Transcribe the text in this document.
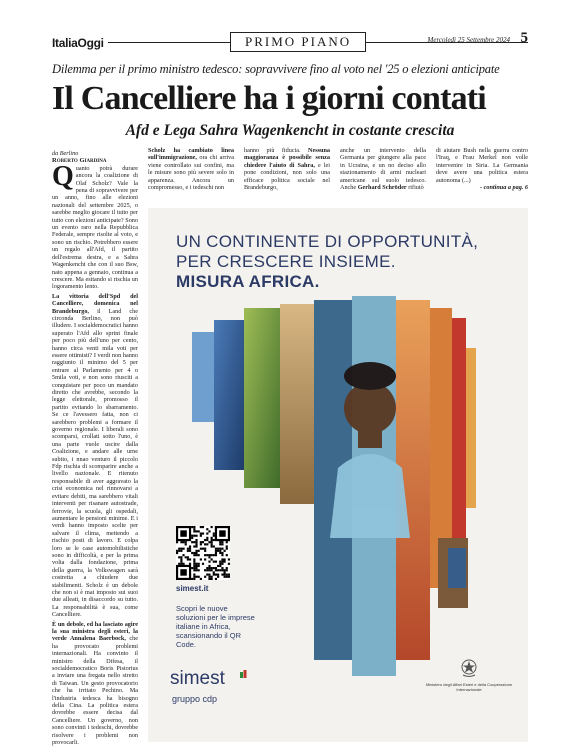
ItaliaOggi	PRIMO PIANO	Mercoledì 25 Settembre 2024 5
Dilemma per il primo ministro tedesco: sopravvivere fino al voto nel '25 o elezioni anticipate
Il Cancelliere ha i giorni contati
Afd e Lega Sahra Wagenkencht in costante crescita
da Berlino
Roberto Giardina
Q uanto potrà durare ancora la coalizione di Olaf Scholz? Vale la pena di sopravvivere per un anno, fino alle elezioni nazionali del settembre 2025, o sarebbe meglio giocare il tutto per tutto con elezioni anticipate? Sono un evento raro nella Repubblica Federale, sempre risolte al voto, e sono un rischio. Potrebbero essere un regalo all'Afd, il partito dell'estrema destra, e a Sahra Wagenkencht che con il suo Bsw, nato appena a gennaio, continua a crescere. Ma esitando si rischia un logoramento lento.

La vittoria dell'Spd del Cancelliere, domenica nel Brandeburgo, il Land che circonda Berlino, non può illudere. I socialdemocratici hanno superato l'Afd allo sprint finale per poco più dell'uno per cento, hanno circa venti mila voti per essere ottimisti? I verdi non hanno raggiunto il minimo del 5 per entrare al Parlamento per 4 o 5mila voti, e non sono riusciti a conquistare per poco un mandato diretto che avrebbe, secondo la legge elettorale, promosso il partito evitando lo sbarramento. Se ce l'avessero fatta, non ci sarebbero problemi a formare il governo regionale. I liberali sono scomparsi, crollati sotto l'uno, è una parte vuole uscire dalla Coalizione, e andare alle urne subito, i nnao venturo il piccolo Fdp rischia di scomparire anche a livello nazionale. E ritenuto responsabile di aver aggravato la crisi economica nel rinnovarsi a evitare debiti, ma sarebbero vitali interventi per risanare autostrade, ferrovie, la scuola, gli ospedali, aumentare le pensioni minime. E i verdi hanno imposto scelte per salvare il clima, mettendo a rischio posti di lavoro. E colpa loro se le case automobilistiche sono in difficoltà, e per la prima volta dalla fondazione, prima della guerra, la Volkswagen sarà costretta a chiudere due stabilimenti. Scholz è un debole che non si è mai imposto sui suoi due alleati, in disaccordo su tutto. La responsabilità è sua, come Cancelliere.

È un debole, ed ha lasciato agire la sua ministra degli esteri, la verde Annalena Baerbock, che ha provocato problemi internazionali. Ha convinto il ministro della Difesa, il socialdemocratico Boris Pistorius a inviare una fregata nello stretto di Taiwan. Un gesto provocatorio che ha irritato Pechino. Ma l'industria tedesca ha bisogno della Cina. La politica estera dovrebbe essere decisa dal Cancelliere. Un governo, non sono convinti i tedeschi, dovrebbe risolvere i problemi non provocarli.

Scholz ha cambiato linea sull'immigrazione, ora chi arriva viene controllato sui confini, ma le misure sono più severe solo in apparenza. Ancora un compromesso, e i tedeschi non
hanno più fiducia. Nessuna maggioranza è possibile senza chiedere l'aiuto di Sahra, e lei pone condizioni, non solo una efficace politica sociale nel Brandeburgo,
anche un intervento della Germania per giungere alla pace in Ucraina, e un no deciso allo stazionamento di armi nucleari americane sul suolo tedesco. Anche Gerhard Schröder rifiutò
di aiutare Bush nella guerra contro l'Iraq, e Frau Merkel non volle intervenire in Siria. La Germania deve avere una politica estera autonoma (...)
- continua a pag. 6
UN CONTINENTE DI OPPORTUNITÀ,
PER CRESCERE INSIEME.
MISURA AFRICA.
simest.it
Scopri le nuove soluzioni per le imprese italiane in Africa, scansionando il QR Code.
simest
gruppo cdp
Ministero degli Affari Esteri e della Cooperazione Internazionale
